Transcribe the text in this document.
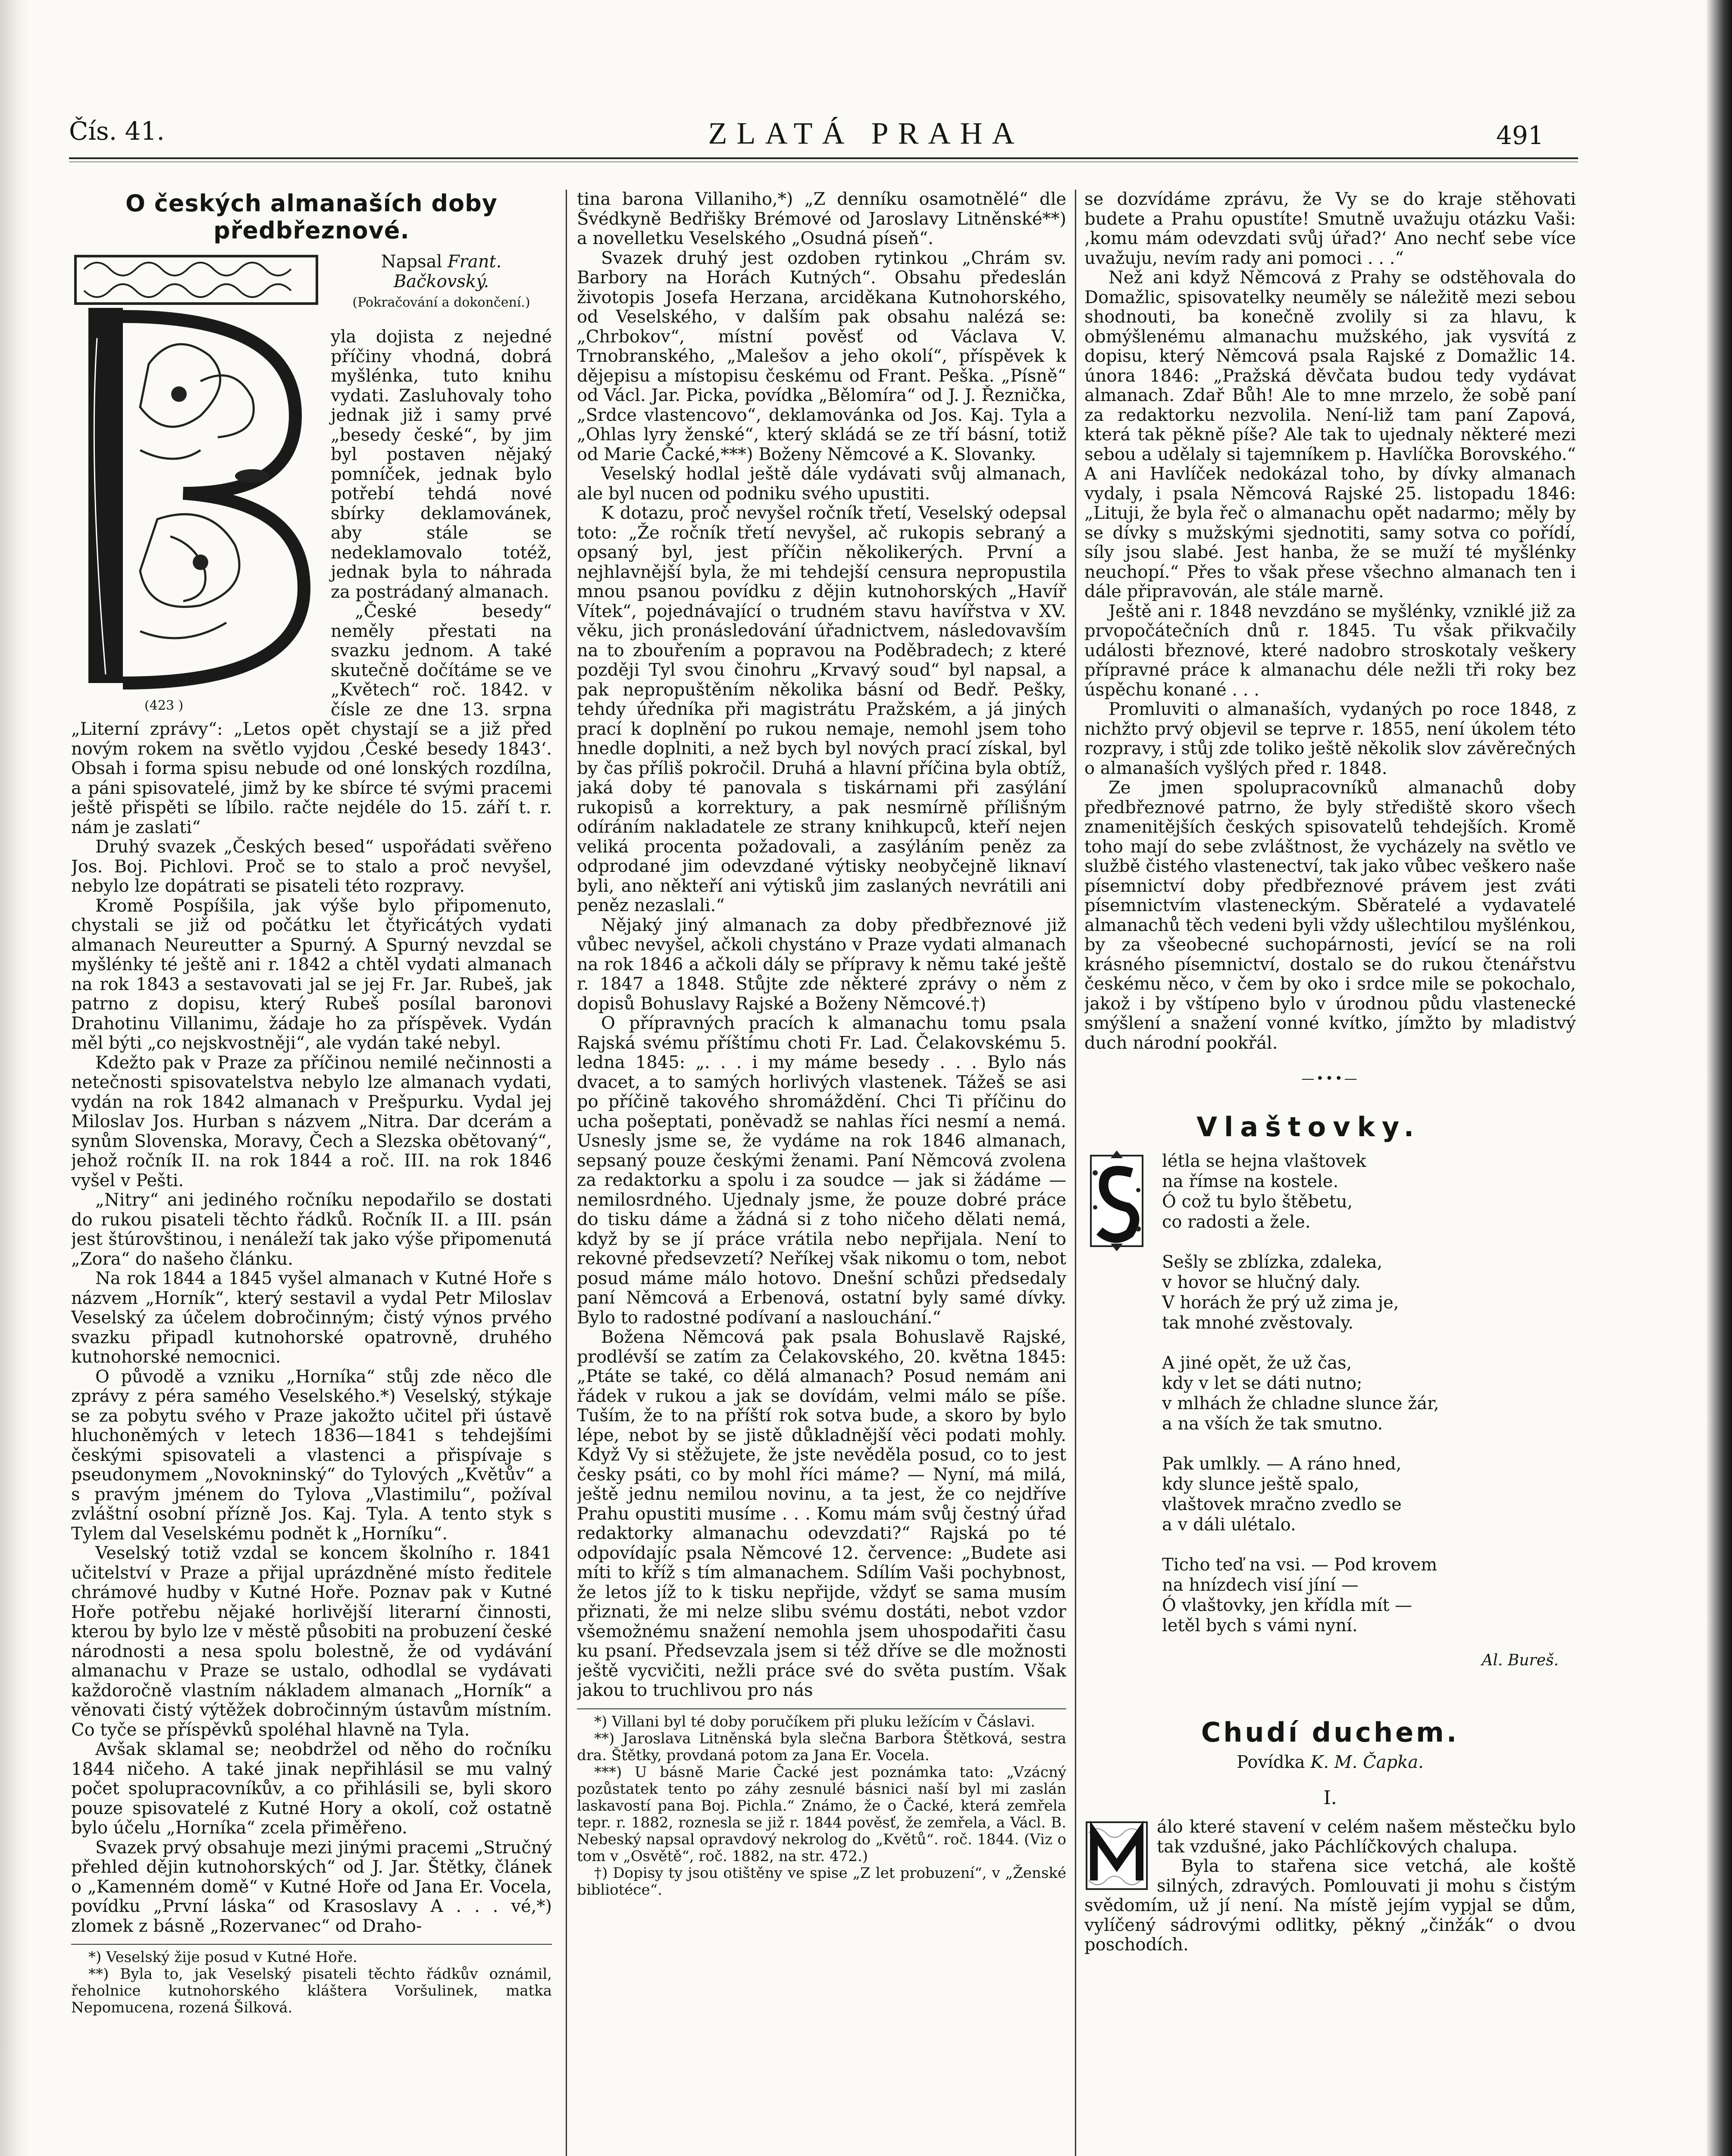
Čís. 41.	ZLATÁ PRAHA	491
O českých almanaších doby předbřeznové.
(423 )
Napsal Frant. Bačkovský.
(Pokračování a dokončení.)

yla dojista z nejedné příčiny vhodná, dobrá myšlénka, tuto knihu vydati. Zasluhovaly toho jednak již i samy prvé „besedy české“, by jim byl postaven nějaký pomníček, jednak bylo potřebí tehdá nové sbírky deklamovánek, aby stále se nedeklamovalo totéž, jednak byla to náhrada za postrádaný almanach.

„České besedy“ neměly přestati na svazku jednom. A také skutečně dočítáme se ve „Květech“ roč. 1842. v čísle ze dne 13. srpna „Literní zprávy“: „Letos opět chystají se a již před novým rokem na světlo vyjdou ‚České besedy 1843‘. Obsah i forma spisu nebude od oné lonských rozdílna, a páni spisovatelé, jimž by ke sbírce té svými pracemi ještě přispěti se líbilo. račte nejdéle do 15. září t. r. nám je zaslati“

Druhý svazek „Českých besed“ uspořádati svěřeno Jos. Boj. Pichlovi. Proč se to stalo a proč nevyšel, nebylo lze dopátrati se pisateli této rozpravy.

Kromě Pospíšila, jak výše bylo připomenuto, chystali se již od počátku let čtyřicátých vydati almanach Neureutter a Spurný. A Spurný nevzdal se myšlénky té ještě ani r. 1842 a chtěl vydati almanach na rok 1843 a sestavovati jal se jej Fr. Jar. Rubeš, jak patrno z dopisu, který Rubeš posílal baronovi Drahotinu Villanimu, žádaje ho za příspěvek. Vydán měl býti „co nejskvostněji“, ale vydán také nebyl.

Kdežto pak v Praze za příčinou nemilé nečinnosti a netečnosti spisovatelstva nebylo lze almanach vydati, vydán na rok 1842 almanach v Prešpurku. Vydal jej Miloslav Jos. Hurban s názvem „Nitra. Dar dcerám a synům Slovenska, Moravy, Čech a Slezska obětovaný“, jehož ročník II. na rok 1844 a roč. III. na rok 1846 vyšel v Pešti.

„Nitry“ ani jediného ročníku nepodařilo se dostati do rukou pisateli těchto řádků. Ročník II. a III. psán jest štúrovštinou, i nenáleží tak jako výše připomenutá „Zora“ do našeho článku.

Na rok 1844 a 1845 vyšel almanach v Kutné Hoře s názvem „Horník“, který sestavil a vydal Petr Miloslav Veselský za účelem dobročinným; čistý výnos prvého svazku připadl kutnohorské opatrovně, druhého kutnohorské nemocnici.

O původě a vzniku „Horníka“ stůj zde něco dle zprávy z péra samého Veselského.*) Veselský, stýkaje se za pobytu svého v Praze jakožto učitel při ústavě hluchoněmých v letech 1836—1841 s tehdejšími českými spisovateli a vlastenci a přispívaje s pseudonymem „Novokninský“ do Tylových „Květův“ a s pravým jménem do Tylova „Vlastimilu“, požíval zvláštní osobní přízně Jos. Kaj. Tyla. A tento styk s Tylem dal Veselskému podnět k „Horníku“.

Veselský totiž vzdal se koncem školního r. 1841 učitelství v Praze a přijal uprázdněné místo ředitele chrámové hudby v Kutné Hoře. Poznav pak v Kutné Hoře potřebu nějaké horlivější literarní činnosti, kterou by bylo lze v městě působiti na probuzení české národnosti a nesa spolu bolestně, že od vydávání almanachu v Praze se ustalo, odhodlal se vydávati každoročně vlastním nákladem almanach „Horník“ a věnovati čistý výtěžek dobročinným ústavům místním. Co tyče se příspěvků spoléhal hlavně na Tyla.

Avšak sklamal se; neobdržel od něho do ročníku 1844 ničeho. A také jinak nepřihlásil se mu valný počet spolupracovníkův, a co přihlásili se, byli skoro pouze spisovatelé z Kutné Hory a okolí, což ostatně bylo účelu „Horníka“ zcela přiměřeno.

Svazek prvý obsahuje mezi jinými pracemi „Stručný přehled dějin kutnohorských“ od J. Jar. Štětky, článek o „Kamenném domě“ v Kutné Hoře od Jana Er. Vocela, povídku „První láska“ od Krasoslavy A . . . vé,*) zlomek z básně „Rozervanec“ od Draho-

*) Veselský žije posud v Kutné Hoře.

**) Byla to, jak Veselský pisateli těchto řádkův oznámil, řeholnice kutnohorského kláštera Voršulinek, matka Nepomucena, rozená Šilková.

tina barona Villaniho,*) „Z denníku osamotnělé“ dle Švédkyně Bedřišky Brémové od Jaroslavy Litněnské**) a novelletku Veselského „Osudná píseň“.

Svazek druhý jest ozdoben rytinkou „Chrám sv. Barbory na Horách Kutných“. Obsahu předeslán životopis Josefa Herzana, arciděkana Kutnohorského, od Veselského, v dalším pak obsahu nalézá se: „Chrbokov“, místní pověsť od Václava V. Trnobranského, „Malešov a jeho okolí“, příspěvek k dějepisu a místopisu českému od Frant. Peška. „Písně“ od Václ. Jar. Picka, povídka „Bělomíra“ od J. J. Řeznička, „Srdce vlastencovo“, deklamovánka od Jos. Kaj. Tyla a „Ohlas lyry ženské“, který skládá se ze tří básní, totiž od Marie Čacké,***) Boženy Němcové a K. Slovanky.

Veselský hodlal ještě dále vydávati svůj almanach, ale byl nucen od podniku svého upustiti.

K dotazu, proč nevyšel ročník třetí, Veselský odepsal toto: „Že ročník třetí nevyšel, ač rukopis sebraný a opsaný byl, jest příčin několikerých. První a nejhlavnější byla, že mi tehdejší censura nepropustila mnou psanou povídku z dějin kutnohorských „Havíř Vítek“, pojednávající o trudném stavu havířstva v XV. věku, jich pronásledování úřadnictvem, následovavším na to zbouřením a popravou na Poděbradech; z které později Tyl svou činohru „Krvavý soud“ byl napsal, a pak nepropuštěním několika básní od Bedř. Pešky, tehdy úředníka při magistrátu Pražském, a já jiných prací k doplnění po rukou nemaje, nemohl jsem toho hnedle doplniti, a než bych byl nových prací získal, byl by čas příliš pokročil. Druhá a hlavní příčina byla obtíž, jaká doby té panovala s tiskárnami při zasýlání rukopisů a korrektury, a pak nesmírně přílišným odíráním nakladatele ze strany knihkupců, kteří nejen veliká procenta požadovali, a zasýláním peněz za odprodané jim odevzdané výtisky neobyčejně liknaví byli, ano někteří ani výtisků jim zaslaných nevrátili ani peněz nezaslali.“

Nějaký jiný almanach za doby předbřeznové již vůbec nevyšel, ačkoli chystáno v Praze vydati almanach na rok 1846 a ačkoli dály se přípravy k němu také ještě r. 1847 a 1848. Stůjte zde některé zprávy o něm z dopisů Bohuslavy Rajské a Boženy Němcové.†)

O přípravných pracích k almanachu tomu psala Rajská svému příštímu choti Fr. Lad. Čelakovskému 5. ledna 1845: „. . . i my máme besedy . . . Bylo nás dvacet, a to samých horlivých vlastenek. Tážeš se asi po příčině takového shromáždění. Chci Ti příčinu do ucha pošeptati, poněvadž se nahlas říci nesmí a nemá. Usnesly jsme se, že vydáme na rok 1846 almanach, sepsaný pouze českými ženami. Paní Němcová zvolena za redaktorku a spolu i za soudce — jak si žádáme — nemilosrdného. Ujednaly jsme, že pouze dobré práce do tisku dáme a žádná si z toho ničeho dělati nemá, když by se jí práce vrátila nebo nepřijala. Není to rekovné předsevzetí? Neříkej však nikomu o tom, nebot posud máme málo hotovo. Dnešní schůzi předsedaly paní Němcová a Erbenová, ostatní byly samé dívky. Bylo to radostné podívaní a naslouchání.“

Božena Němcová pak psala Bohuslavě Rajské, prodlévší se zatím za Čelakovského, 20. května 1845: „Ptáte se také, co dělá almanach? Posud nemám ani řádek v rukou a jak se dovídám, velmi málo se píše. Tuším, že to na příští rok sotva bude, a skoro by bylo lépe, nebot by se jistě důkladnější věci podati mohly. Když Vy si stěžujete, že jste nevěděla posud, co to jest česky psáti, co by mohl říci máme? — Nyní, má milá, ještě jednu nemilou novinu, a ta jest, že co nejdříve Prahu opustiti musíme . . . Komu mám svůj čestný úřad redaktorky almanachu odevzdati?“ Rajská po té odpovídajíc psala Němcové 12. července: „Budete asi míti to kříž s tím almanachem. Sdílím Vaši pochybnost, že letos jíž to k tisku nepřijde, vždyť se sama musím přiznati, že mi nelze slibu svému dostáti, nebot vzdor všemožnému snažení nemohla jsem uhospodařiti času ku psaní. Předsevzala jsem si též dříve se dle možnosti ještě vycvičiti, nežli práce své do světa pustím. Však jakou to truchlivou pro nás

*) Villani byl té doby poručíkem při pluku ležícím v Čáslavi.

**) Jaroslava Litněnská byla slečna Barbora Štětková, sestra dra. Štětky, provdaná potom za Jana Er. Vocela.

***) U básně Marie Čacké jest poznámka tato: „Vzácný pozůstatek tento po záhy zesnulé básnici naší byl mi zaslán laskavostí pana Boj. Pichla.“ Známo, že o Čacké, která zemřela tepr. r. 1882, roznesla se již r. 1844 pověsť, že zemřela, a Václ. B. Nebeský napsal opravdový nekrolog do „Květů“. roč. 1844. (Viz o tom v „Osvětě“, roč. 1882, na str. 472.)

†) Dopisy ty jsou otištěny ve spise „Z let probuzení“, v „Ženské bibliotéce“.

se dozvídáme zprávu, že Vy se do kraje stěhovati budete a Prahu opustíte! Smutně uvažuju otázku Vaši: ‚komu mám odevzdati svůj úřad?‘ Ano nechť sebe více uvažuju, nevím rady ani pomoci . . .“

Než ani když Němcová z Prahy se odstěhovala do Domažlic, spisovatelky neuměly se náležitě mezi sebou shodnouti, ba konečně zvolily si za hlavu, k obmýšlenému almanachu mužského, jak vysvítá z dopisu, který Němcová psala Rajské z Domažlic 14. února 1846: „Pražská děvčata budou tedy vydávat almanach. Zdař Bůh! Ale to mne mrzelo, že sobě paní za redaktorku nezvolila. Není-liž tam paní Zapová, která tak pěkně píše? Ale tak to ujednaly některé mezi sebou a udělaly si tajemníkem p. Havlíčka Borovského.“ A ani Havlíček nedokázal toho, by dívky almanach vydaly, i psala Němcová Rajské 25. listopadu 1846: „Lituji, že byla řeč o almanachu opět nadarmo; měly by se dívky s mužskými sjednotiti, samy sotva co pořídí, síly jsou slabé. Jest hanba, že se muží té myšlénky neuchopí.“ Přes to však přese všechno almanach ten i dále připravován, ale stále marně.

Ještě ani r. 1848 nevzdáno se myšlénky, vzniklé již za prvopočátečních dnů r. 1845. Tu však přikvačily události březnové, které nadobro stroskotaly veškery přípravné práce k almanachu déle nežli tři roky bez úspěchu konané . . .

Promluviti o almanaších, vydaných po roce 1848, z nichžto prvý objevil se teprve r. 1855, není úkolem této rozpravy, i stůj zde toliko ještě několik slov závěrečných o almanaších vyšlých před r. 1848.

Ze jmen spolupracovníků almanachů doby předbřeznové patrno, že byly střediště skoro všech znamenitějších českých spisovatelů tehdejších. Kromě toho mají do sebe zvláštnost, že vycházely na světlo ve službě čistého vlastenectví, tak jako vůbec veškero naše písemnictví doby předbřeznové právem jest zváti písemnictvím vlasteneckým. Sběratelé a vydavatelé almanachů těch vedeni byli vždy ušlechtilou myšlénkou, by za všeobecné suchopárnosti, jevící se na roli krásného písemnictví, dostalo se do rukou čtenářstvu českému něco, v čem by oko i srdce mile se pokochalo, jakož i by vštípeno bylo v úrodnou půdu vlastenecké smýšlení a snažení vonné kvítko, jímžto by mladistvý duch národní pookřál.

—•••—
Vlaštovky.
létla se hejna vlaštovek
na římse na kostele.
Ó což tu bylo štěbetu,
co radosti a žele.
Sešly se zblízka, zdaleka,
v hovor se hlučný daly.
V horách že prý už zima je,
tak mnohé zvěstovaly.
A jiné opět, že už čas,
kdy v let se dáti nutno;
v mlhách že chladne slunce žár,
a na vších že tak smutno.
Pak umlkly. — A ráno hned,
kdy slunce ještě spalo,
vlaštovek mračno zvedlo se
a v dáli ulétalo.
Ticho teď na vsi. — Pod krovem
na hnízdech visí jíní —
Ó vlaštovky, jen křídla mít —
letěl bych s vámi nyní.
Al. Bureš.
Chudí duchem.
Povídka K. M. Čapka.
I.

álo které stavení v celém našem městečku bylo tak vzdušné, jako Páchlíčkových chalupa.

Byla to stařena sice vetchá, ale koště silných, zdravých. Pomlouvati ji mohu s čistým svědomím, už jí není. Na místě jejím vypjal se dům, vylíčený sádrovými odlitky, pěkný „činžák“ o dvou poschodích.
